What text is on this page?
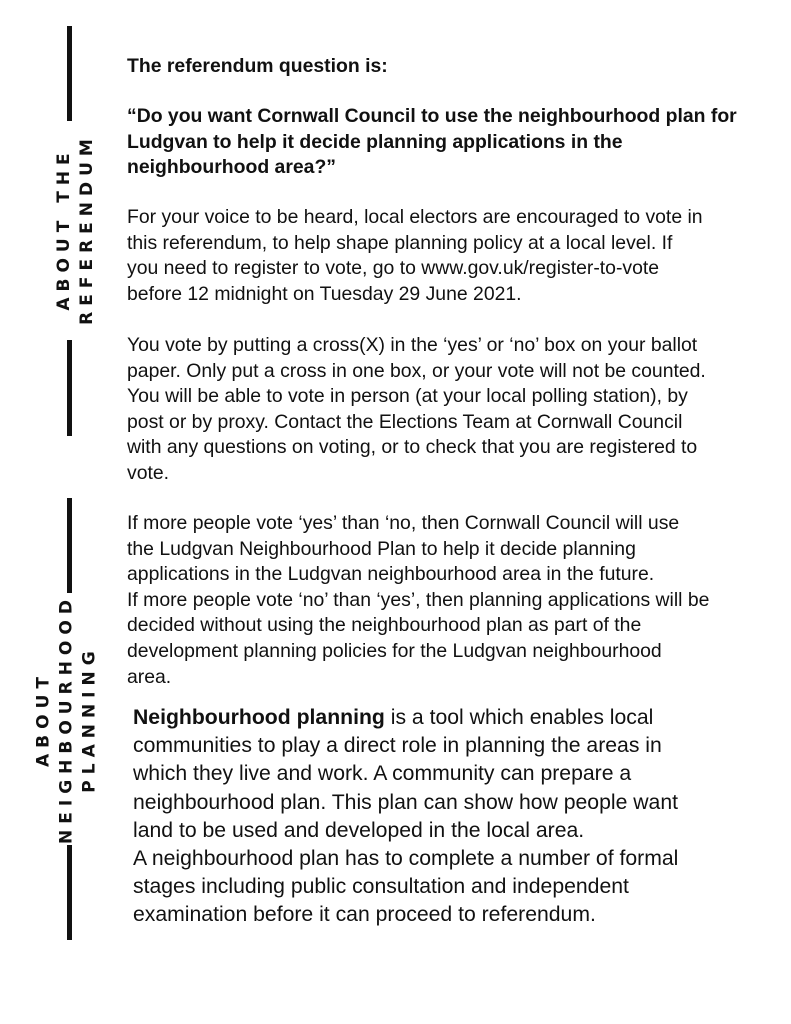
ABOUT THE
REFERENDUM
ABOUT
NEIGHBOURHOOD
PLANNING

The referendum question is:

“Do you want Cornwall Council to use the neighbourhood plan for
Ludgvan to help it decide planning applications in the
neighbourhood area?”

For your voice to be heard, local electors are encouraged to vote in
this referendum, to help shape planning policy at a local level. If
you need to register to vote, go to www.gov.uk/register-to-vote
before 12 midnight on Tuesday 29 June 2021.

You vote by putting a cross(X) in the ‘yes’ or ‘no’ box on your ballot
paper. Only put a cross in one box, or your vote will not be counted.
You will be able to vote in person (at your local polling station), by
post or by proxy. Contact the Elections Team at Cornwall Council
with any questions on voting, or to check that you are registered to
vote.

If more people vote ‘yes’ than ‘no, then Cornwall Council will use
the Ludgvan Neighbourhood Plan to help it decide planning
applications in the Ludgvan neighbourhood area in the future.
If more people vote ‘no’ than ‘yes’, then planning applications will be
decided without using the neighbourhood plan as part of the
development planning policies for the Ludgvan neighbourhood
area.

Neighbourhood planning is a tool which enables local
communities to play a direct role in planning the areas in
which they live and work. A community can prepare a
neighbourhood plan. This plan can show how people want
land to be used and developed in the local area.
A neighbourhood plan has to complete a number of formal
stages including public consultation and independent
examination before it can proceed to referendum.
